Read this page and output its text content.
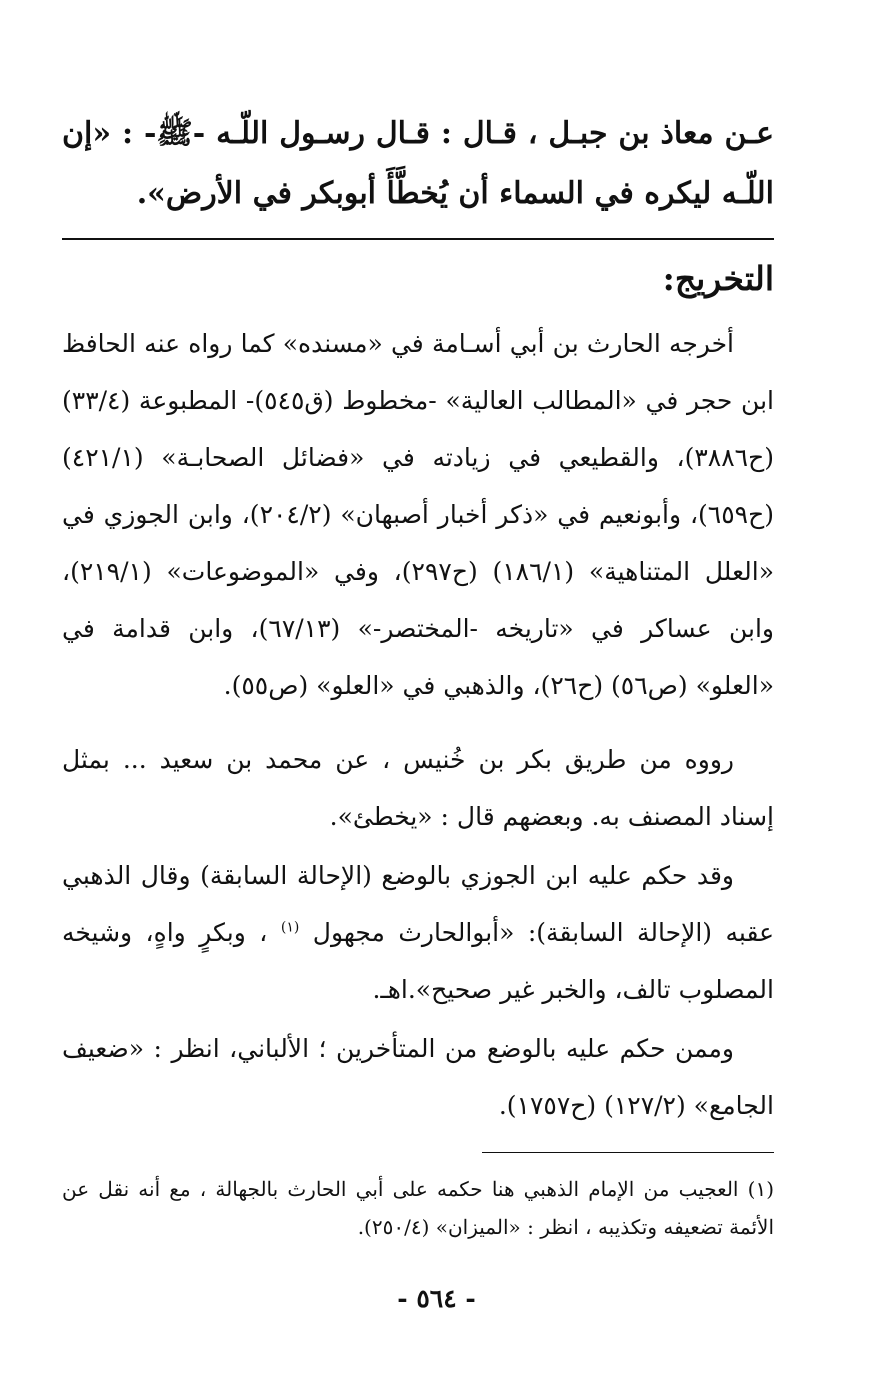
عـن معاذ بن جبـل ، قـال : قـال رسـول اللّـه -ﷺ- : «إن اللّـه ليكره في السماء أن يُخطَّأَ أبوبكر في الأرض».
التخريج:
أخرجه الحارث بن أبي أسـامة في «مسنده» كما رواه عنه الحافظ ابن حجر في «المطالب العالية» -مخطوط (ق٥٤٥)- المطبوعة (٣٣/٤) (ح٣٨٨٦)، والقطيعي في زيادته في «فضائل الصحابـة» (٤٢١/١) (ح٦٥٩)، وأبونعيم في «ذكر أخبار أصبهان» (٢٠٤/٢)، وابن الجوزي في «العلل المتناهية» (١٨٦/١) (ح٢٩٧)، وفي «الموضوعات» (٢١٩/١)، وابن عساكر في «تاريخه -المختصر-» (٦٧/١٣)، وابن قدامة في «العلو» (ص٥٦) (ح٢٦)، والذهبي في «العلو» (ص٥٥).
رووه من طريق بكر بن خُنيس ، عن محمد بن سعيد ... بمثل إسناد المصنف به. وبعضهم قال : «يخطئ».
وقد حكم عليه ابن الجوزي بالوضع (الإحالة السابقة) وقال الذهبي عقبه (الإحالة السابقة): «أبوالحارث مجهول $^{(١)}$ ، وبكرٍ واهٍ، وشيخه المصلوب تالف، والخبر غير صحيح».اهـ.
وممن حكم عليه بالوضع من المتأخرين ؛ الألباني، انظر : «ضعيف الجامع» (١٢٧/٢) (ح١٧٥٧).
(١) العجيب من الإمام الذهبي هنا حكمه على أبي الحارث بالجهالة ، مع أنه نقل عن الأئمة تضعيفه وتكذيبه ، انظر : «الميزان» (٢٥٠/٤).
- ٥٦٤ -
